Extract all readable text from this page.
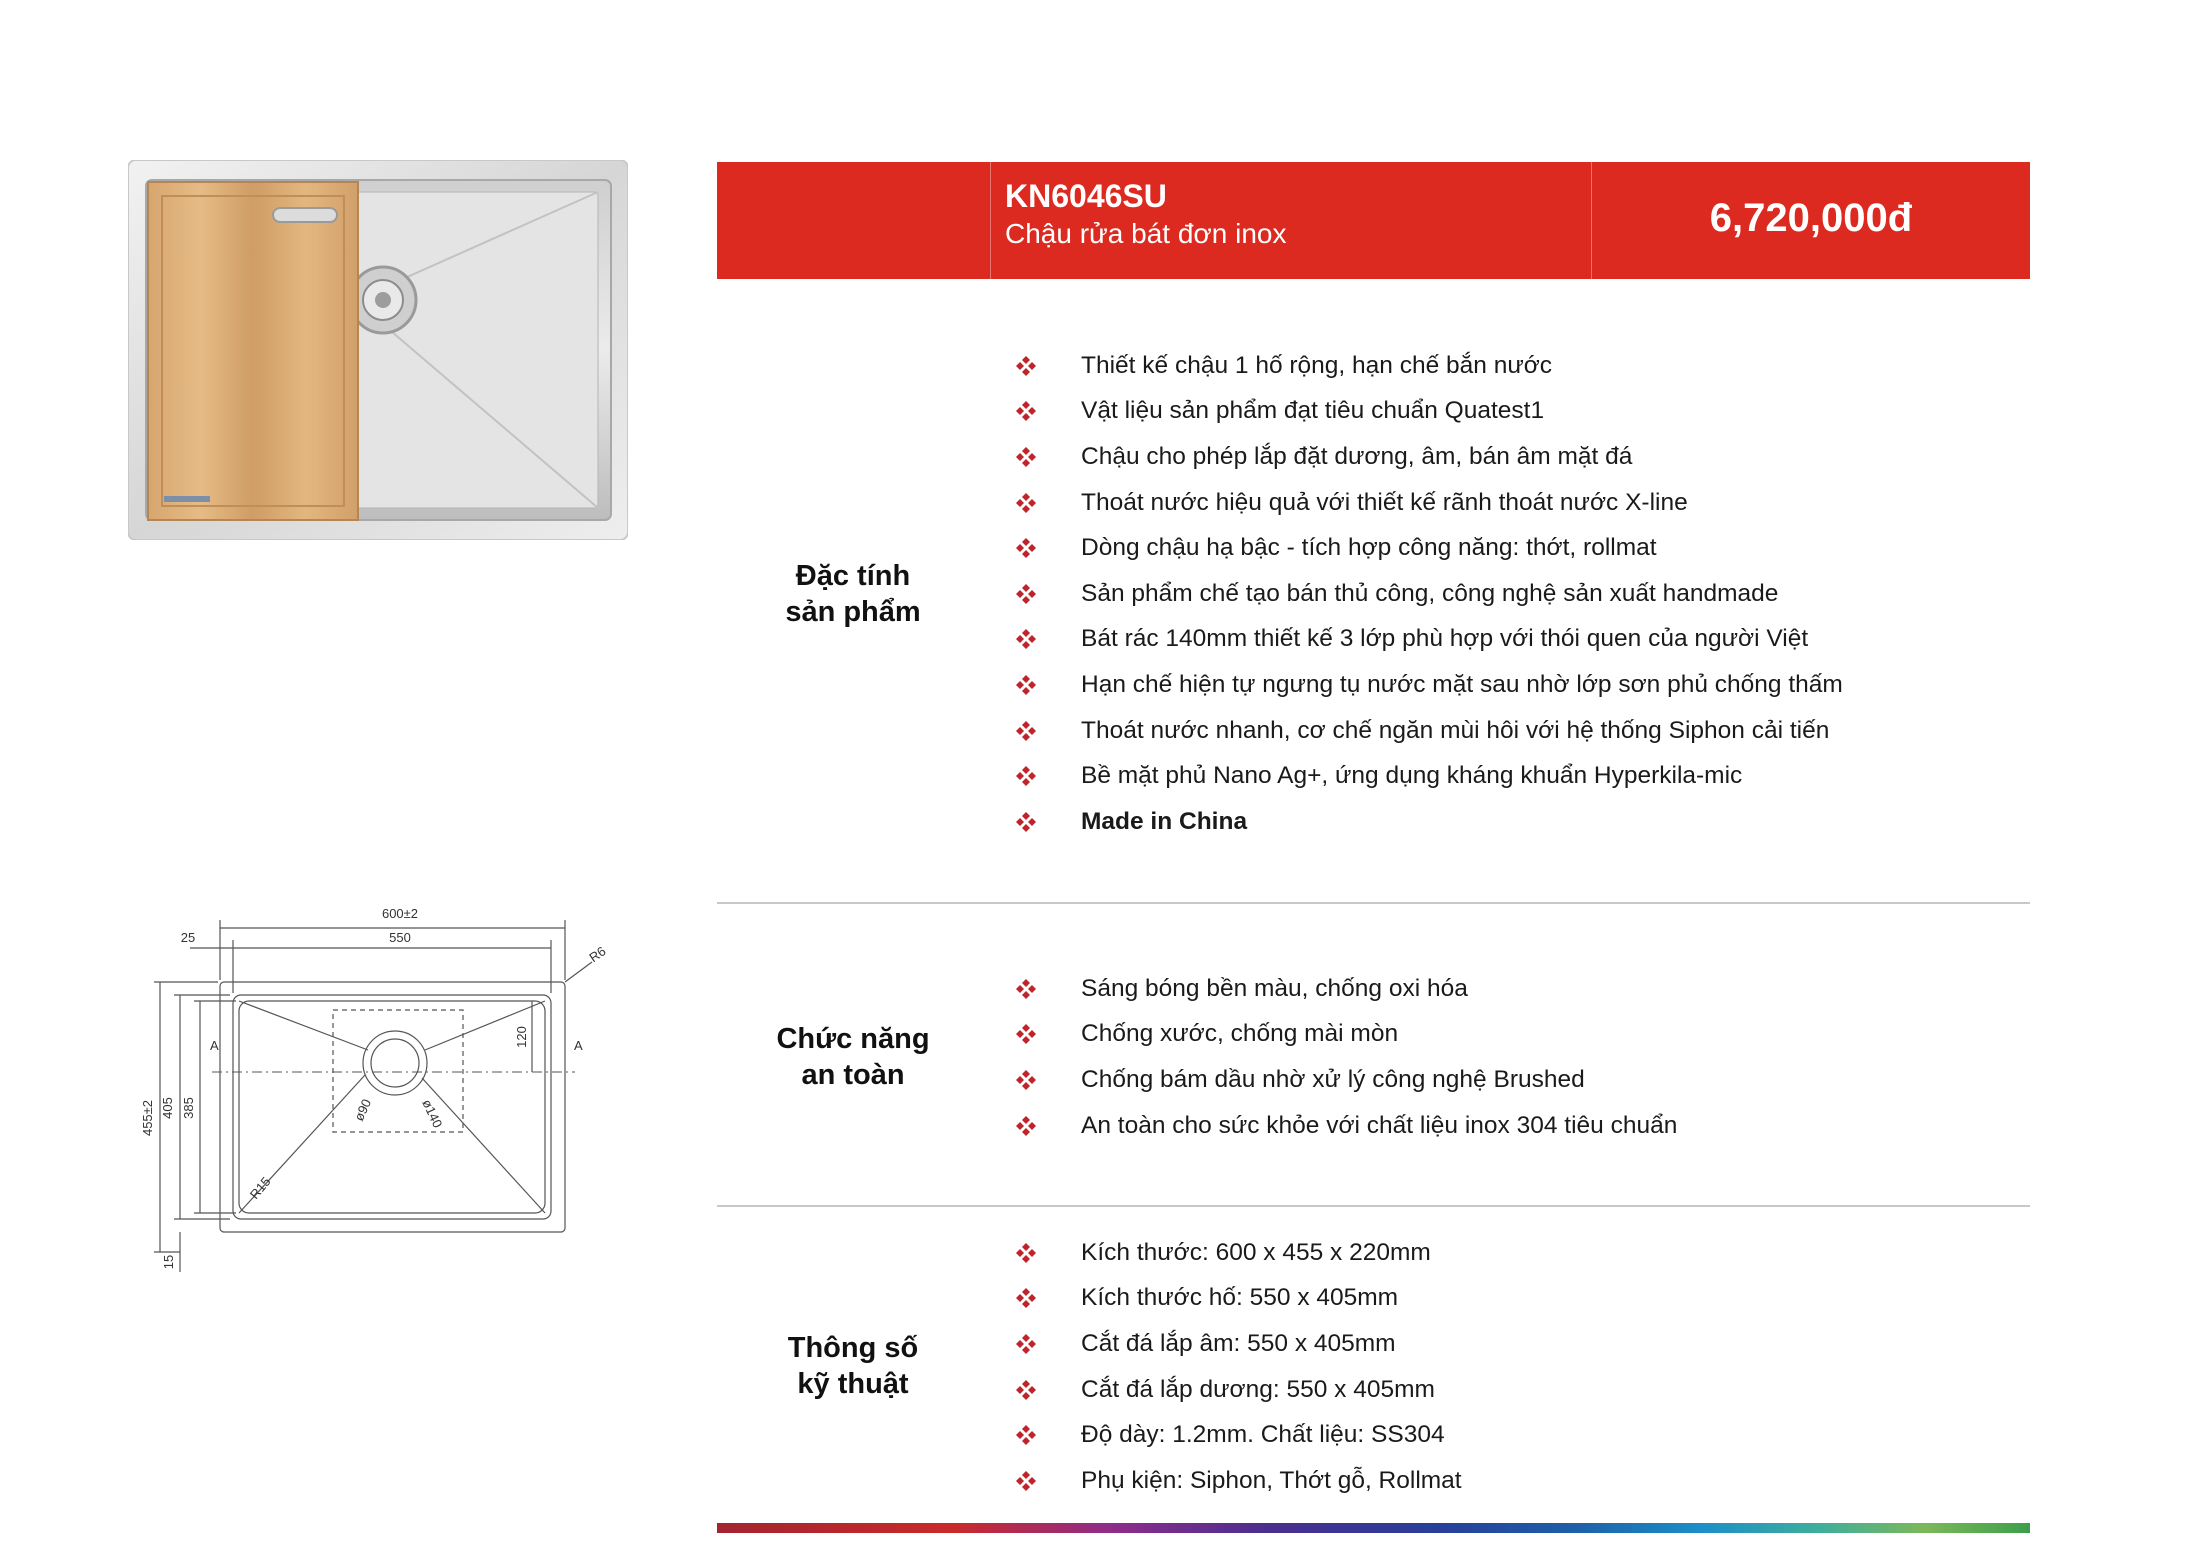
KN6046SU
Chậu rửa bát đơn inox	6,720,000đ
Đặc tính
sản phẩm
Thiết kế chậu 1 hố rộng, hạn chế bắn nước
Vật liệu sản phẩm đạt tiêu chuẩn Quatest1
Chậu cho phép lắp đặt dương, âm, bán âm mặt đá
Thoát nước hiệu quả với thiết kế rãnh thoát nước X-line
Dòng chậu hạ bậc - tích hợp công năng: thớt, rollmat
Sản phẩm chế tạo bán thủ công, công nghệ sản xuất handmade
Bát rác 140mm thiết kế 3 lớp phù hợp với thói quen của người Việt
Hạn chế hiện tự ngưng tụ nước mặt sau nhờ lớp sơn phủ chống thấm
Thoát nước nhanh, cơ chế ngăn mùi hôi với hệ thống Siphon cải tiến
Bề mặt phủ Nano Ag+, ứng dụng kháng khuẩn Hyperkila-mic
Made in China
Chức năng
an toàn
Sáng bóng bền màu, chống oxi hóa
Chống xước, chống mài mòn
Chống bám dầu nhờ xử lý công nghệ Brushed
An toàn cho sức khỏe với chất liệu inox 304 tiêu chuẩn
Thông số
kỹ thuật
Kích thước: 600 x 455 x 220mm
Kích thước hố: 550 x 405mm
Cắt đá lắp âm: 550 x 405mm
Cắt đá lắp dương: 550 x 405mm
Độ dày: 1.2mm. Chất liệu: SS304
Phụ kiện: Siphon, Thớt gỗ, Rollmat
600±2
550
25
R6
R15
455±2 405 385
15
120
ø90	ø140
A	A
